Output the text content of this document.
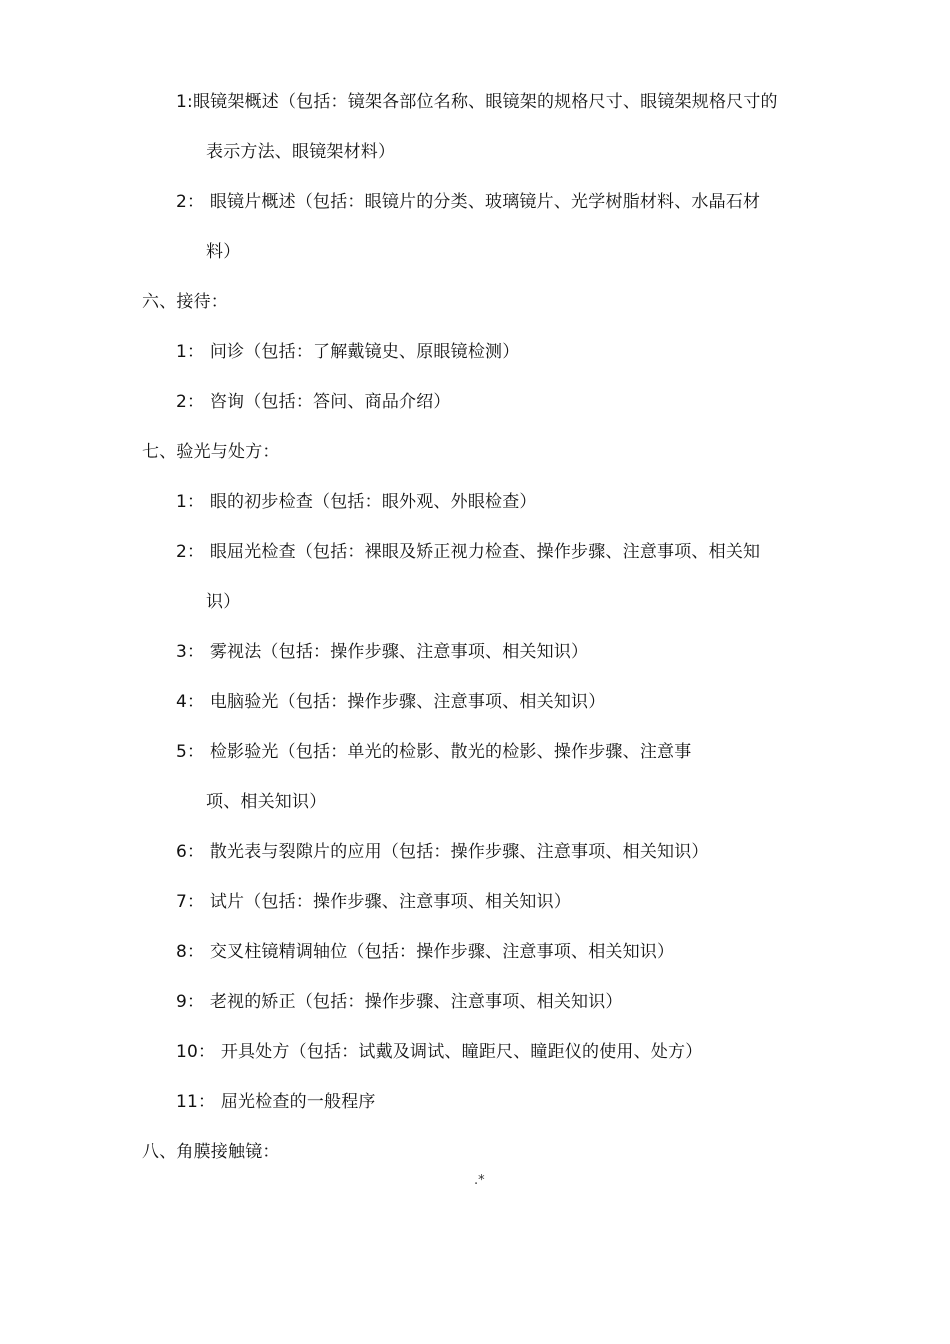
1:眼镜架概述（包括：镜架各部位名称、眼镜架的规格尺寸、眼镜架规格尺寸的
表示方法、眼镜架材料）
2： 眼镜片概述（包括：眼镜片的分类、玻璃镜片、光学树脂材料、水晶石材
料）
六、接待：
1： 问诊（包括：了解戴镜史、原眼镜检测）
2： 咨询（包括：答问、商品介绍）
七、验光与处方：
1： 眼的初步检查（包括：眼外观、外眼检查）
2： 眼屈光检查（包括：裸眼及矫正视力检查、操作步骤、注意事项、相关知
识）
3： 雾视法（包括：操作步骤、注意事项、相关知识）
4： 电脑验光（包括：操作步骤、注意事项、相关知识）
5： 检影验光（包括：单光的检影、散光的检影、操作步骤、注意事
项、相关知识）
6： 散光表与裂隙片的应用（包括：操作步骤、注意事项、相关知识）
7： 试片（包括：操作步骤、注意事项、相关知识）
8： 交叉柱镜精调轴位（包括：操作步骤、注意事项、相关知识）
9： 老视的矫正（包括：操作步骤、注意事项、相关知识）
10： 开具处方（包括：试戴及调试、瞳距尺、瞳距仪的使用、处方）
11： 屈光检查的一般程序
八、角膜接触镜：
.*
